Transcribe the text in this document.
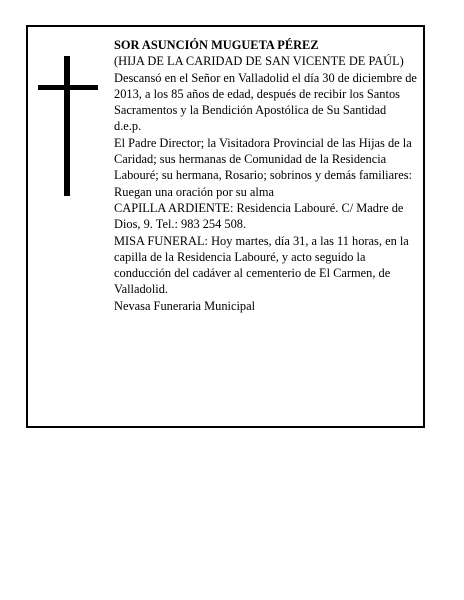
SOR ASUNCIÓN MUGUETA PÉREZ

(HIJA DE LA CARIDAD DE SAN VICENTE DE PAÚL)

Descansó en el Señor en Valladolid el día 30 de diciembre de 2013, a los 85 años de edad, después de recibir los Santos Sacramentos y la Bendición Apostólica de Su Santidad

d.e.p.

El Padre Director; la Visitadora Provincial de las Hijas de la Caridad; sus hermanas de Comunidad de la Residencia Labouré; su hermana, Rosario; sobrinos y demás familiares:

Ruegan una oración por su alma

CAPILLA ARDIENTE: Residencia Labouré. C/ Madre de Dios, 9. Tel.: 983 254 508.

MISA FUNERAL: Hoy martes, día 31, a las 11 horas, en la capilla de la Residencia Labouré, y acto seguido la conducción del cadáver al cementerio de El Carmen, de Valladolid.

Nevasa Funeraria Municipal
